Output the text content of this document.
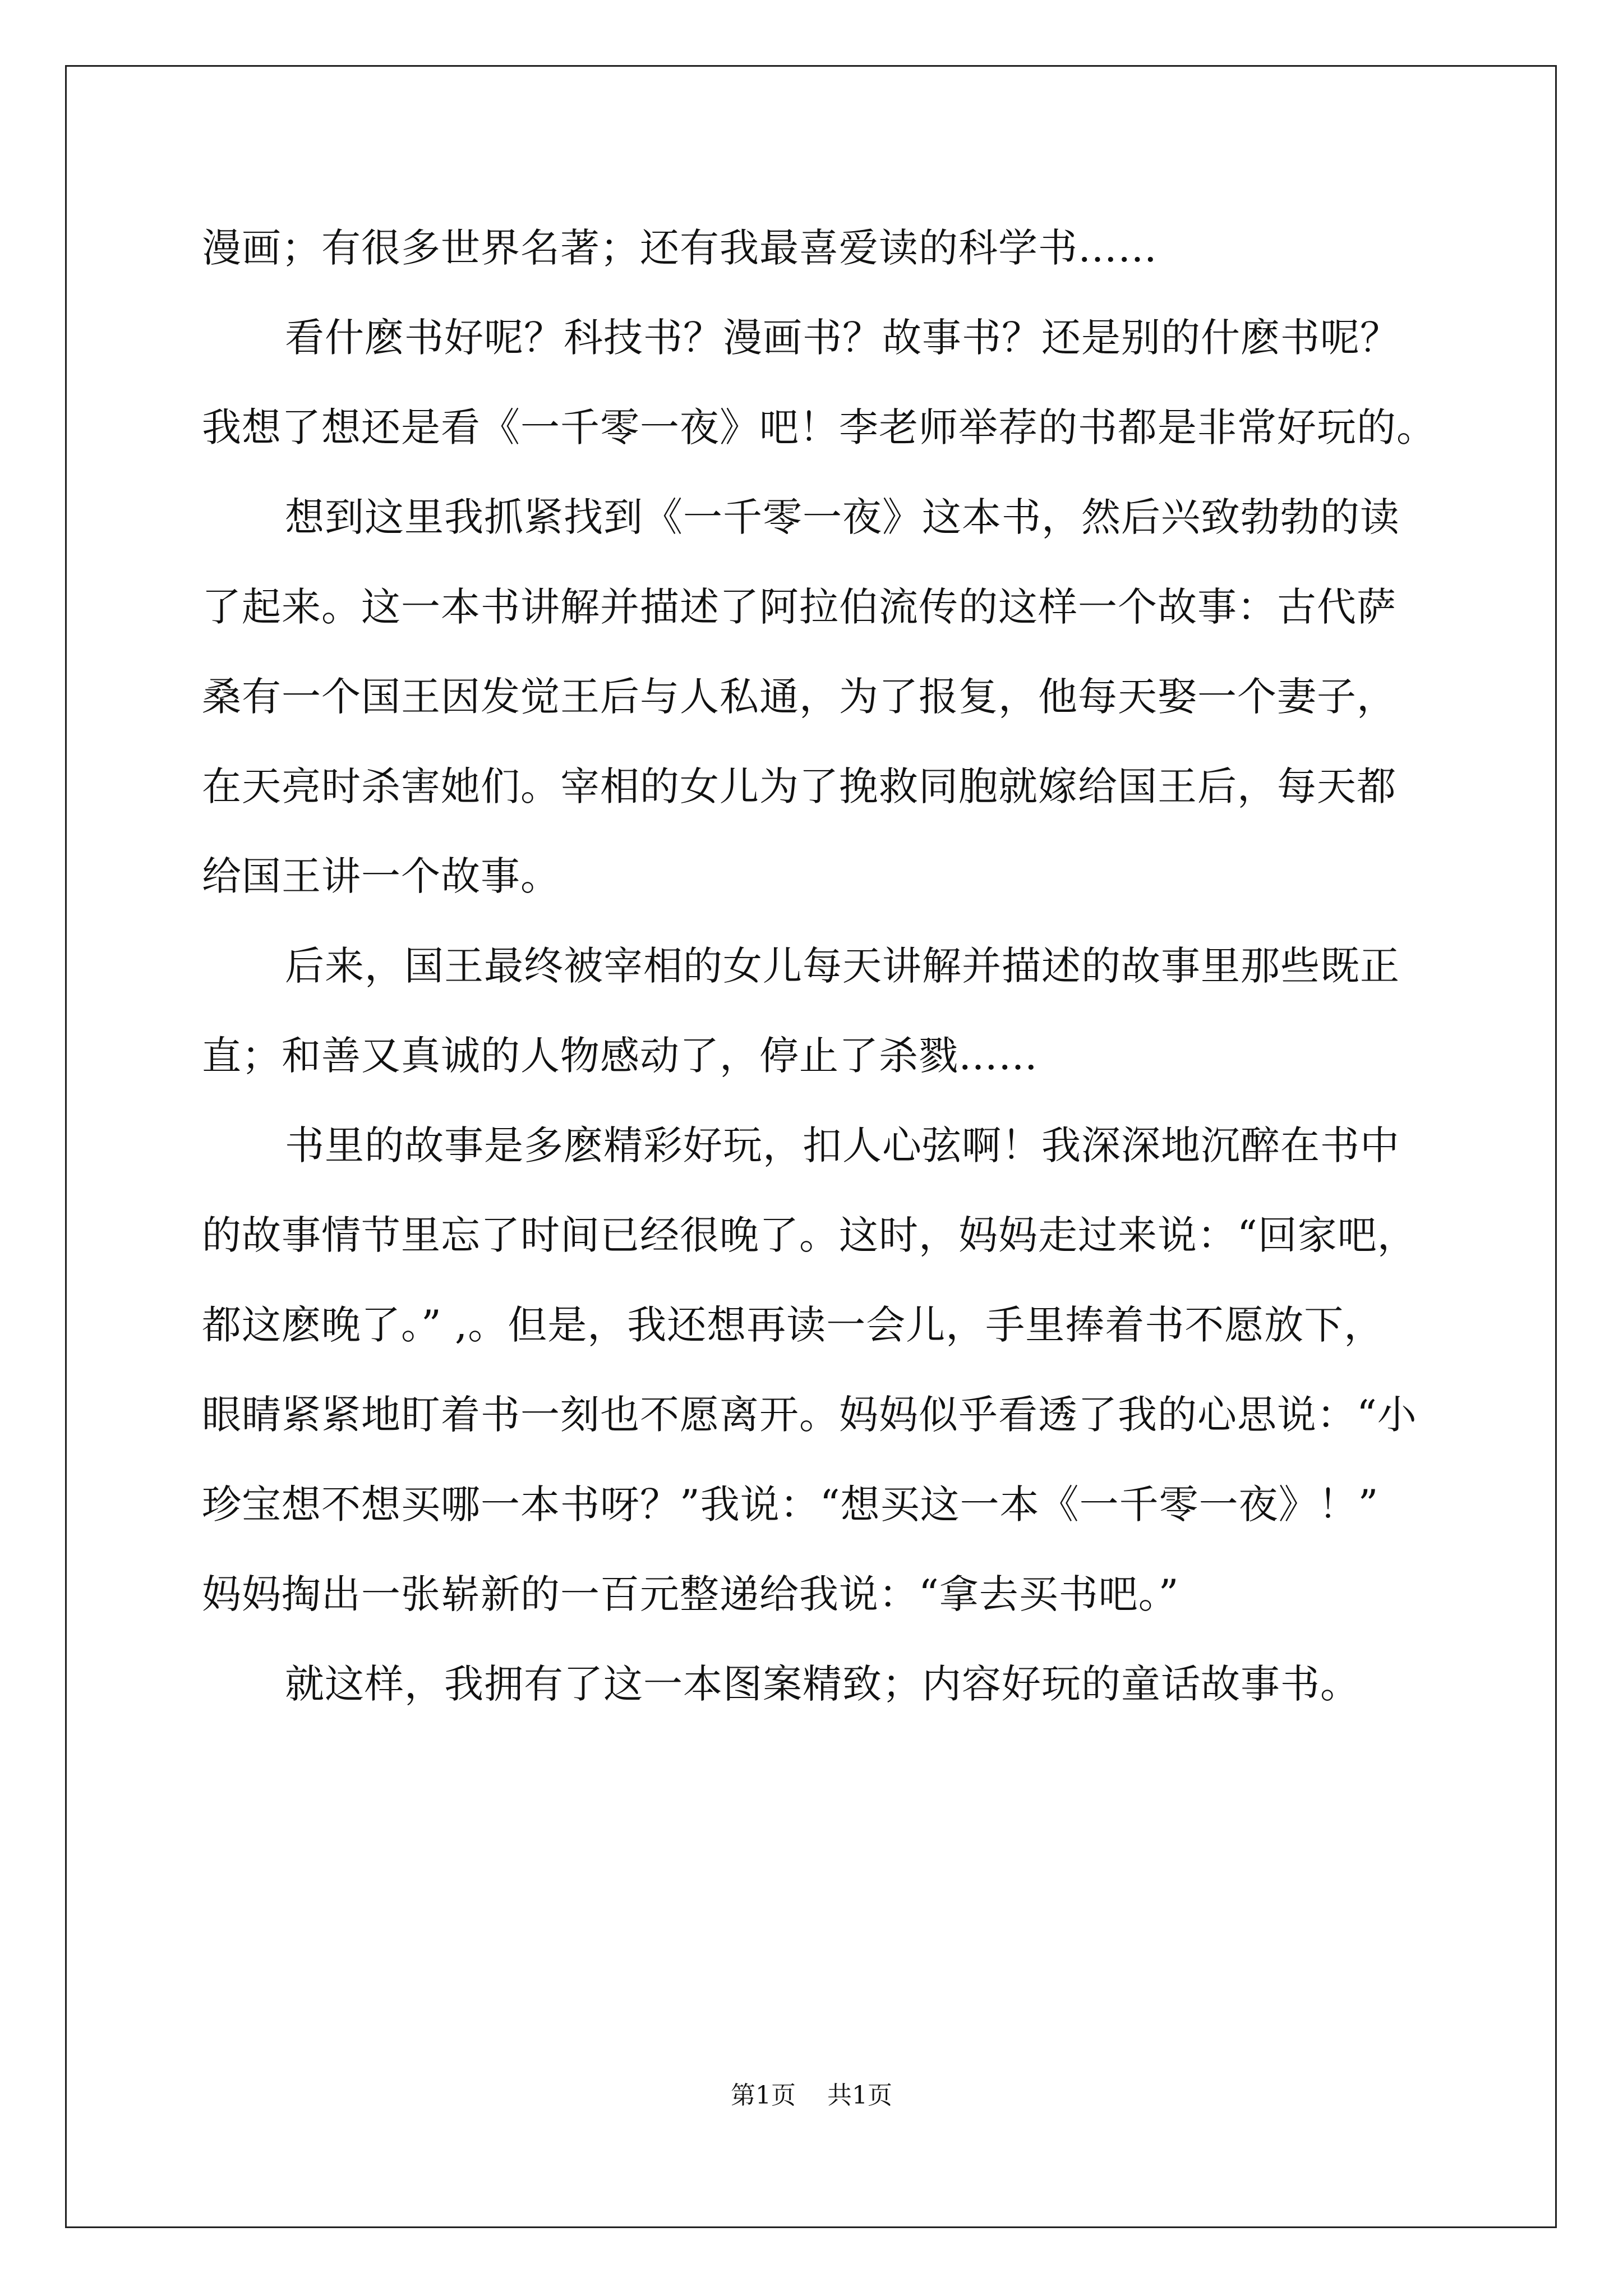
漫画；有很多世界名著；还有我最喜爱读的科学书……
看什麽书好呢？科技书？漫画书？故事书？还是别的什麽书呢？
我想了想还是看《一千零一夜》吧！李老师举荐的书都是非常好玩的。
想到这里我抓紧找到《一千零一夜》这本书，然后兴致勃勃的读
了起来。这一本书讲解并描述了阿拉伯流传的这样一个故事：古代萨
桑有一个国王因发觉王后与人私通，为了报复，他每天娶一个妻子，
在天亮时杀害她们。宰相的女儿为了挽救同胞就嫁给国王后，每天都
给国王讲一个故事。
后来，国王最终被宰相的女儿每天讲解并描述的故事里那些既正
直；和善又真诚的人物感动了，停止了杀戮……
书里的故事是多麽精彩好玩，扣人心弦啊！我深深地沉醉在书中
的故事情节里忘了时间已经很晚了。这时，妈妈走过来说：“回家吧，
都这麽晚了。” ,。但是，我还想再读一会儿，手里捧着书不愿放下，
眼睛紧紧地盯着书一刻也不愿离开。妈妈似乎看透了我的心思说：“小
珍宝想不想买哪一本书呀？”我说：“想买这一本《一千零一夜》！”
妈妈掏出一张崭新的一百元整递给我说：“拿去买书吧。”
就这样，我拥有了这一本图案精致；内容好玩的童话故事书。
第1页    共1页
